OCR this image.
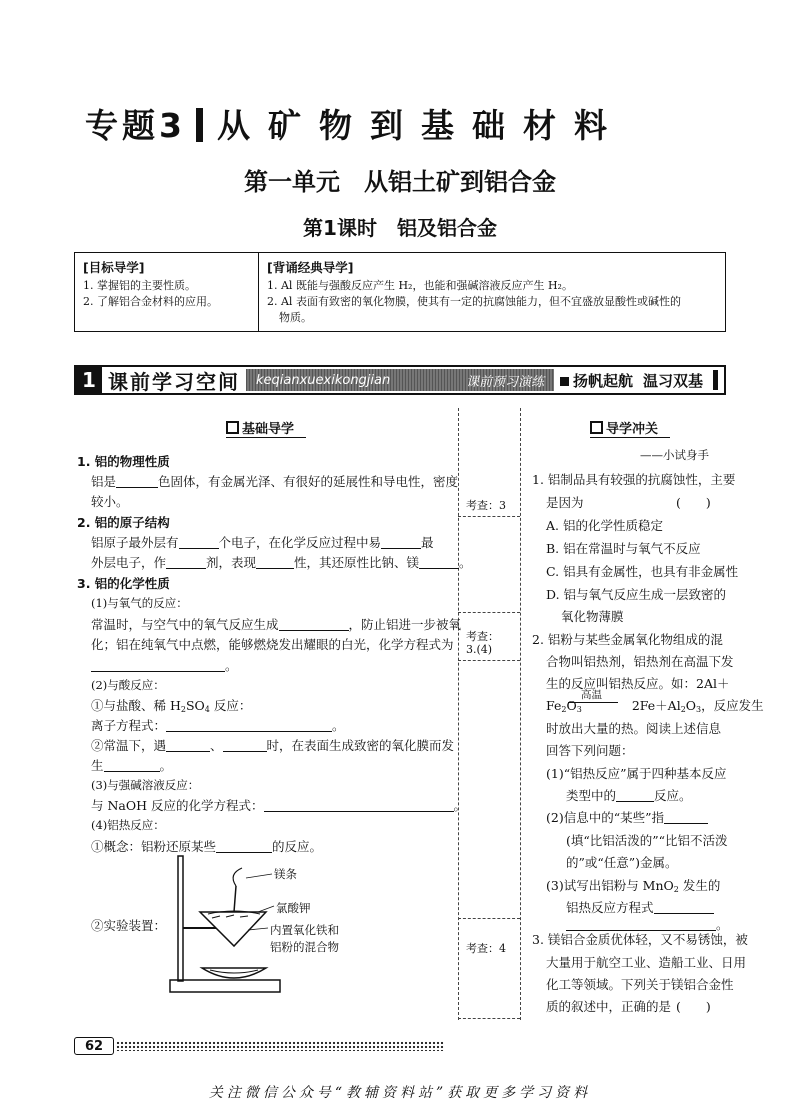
专题3 从矿物到基础材料
第一单元　从铝土矿到铝合金
第1课时　铝及铝合金
[目标导学]
1. 掌握铝的主要性质。
2. 了解铝合金材料的应用。
[背诵经典导学]
1. Al 既能与强酸反应产生 H₂，也能和强碱溶液反应产生 H₂。
2. Al 表面有致密的氧化物膜，使其有一定的抗腐蚀能力，但不宜盛放显酸性或碱性的
物质。
1 课前学习空间	keqianxuexikongjian	课前预习演练	扬帆起航 温习双基
基础导学
1. 铝的物理性质
铝是	色固体，有金属光泽、有很好的延展性和导电性，密度
较小。
2. 铝的原子结构
铝原子最外层有	个电子，在化学反应过程中易	最
外层电子，作	剂，表现	性，其还原性比钠、镁	。
3. 铝的化学性质
(1)与氧气的反应：
常温时，与空气中的氧气反应生成	，防止铝进一步被氧
化；铝在纯氧气中点燃，能够燃烧发出耀眼的白光，化学方程式为
。
(2)与酸反应：
①与盐酸、稀 $H_2SO_4$ 反应：
离子方程式：	。
②常温下，遇	、	时，在表面生成致密的氧化膜而发
生	。
(3)与强碱溶液反应：
与 NaOH 反应的化学方程式：	。
(4)铝热反应：
①概念：铝粉还原某些	的反应。
②实验装置：
镁条
氯酸钾
内置氧化铁和
铝粉的混合物
考查：3
考查：
3.(4)
考查：4
导学冲关
——小试身手
1. 铝制品具有较强的抗腐蚀性，主要
是因为	(　　)
A. 铝的化学性质稳定
B. 铝在常温时与氧气不反应
C. 铝具有金属性，也具有非金属性
D. 铝与氧气反应生成一层致密的
氧化物薄膜
2. 铝粉与某些金属氧化物组成的混
合物叫铝热剂，铝热剂在高温下发
生的反应叫铝热反应。如：2Al＋
高温
$Fe_2O_3$	$2Fe+Al_2O_3$，反应发生
时放出大量的热。阅读上述信息
回答下列问题：
(1)“铝热反应”属于四种基本反应
类型中的	反应。
(2)信息中的“某些”指
(填“比铝活泼的”“比铝不活泼
的”或“任意”)金属。
(3)试写出铝粉与 MnO$_2$ 发生的
铝热反应方程式
。
3. 镁铝合金质优体轻，又不易锈蚀，被
大量用于航空工业、造船工业、日用
化工等领域。下列关于镁铝合金性
质的叙述中，正确的是 (　　)
62
关注微信公众号“教辅资料站”获取更多学习资料
